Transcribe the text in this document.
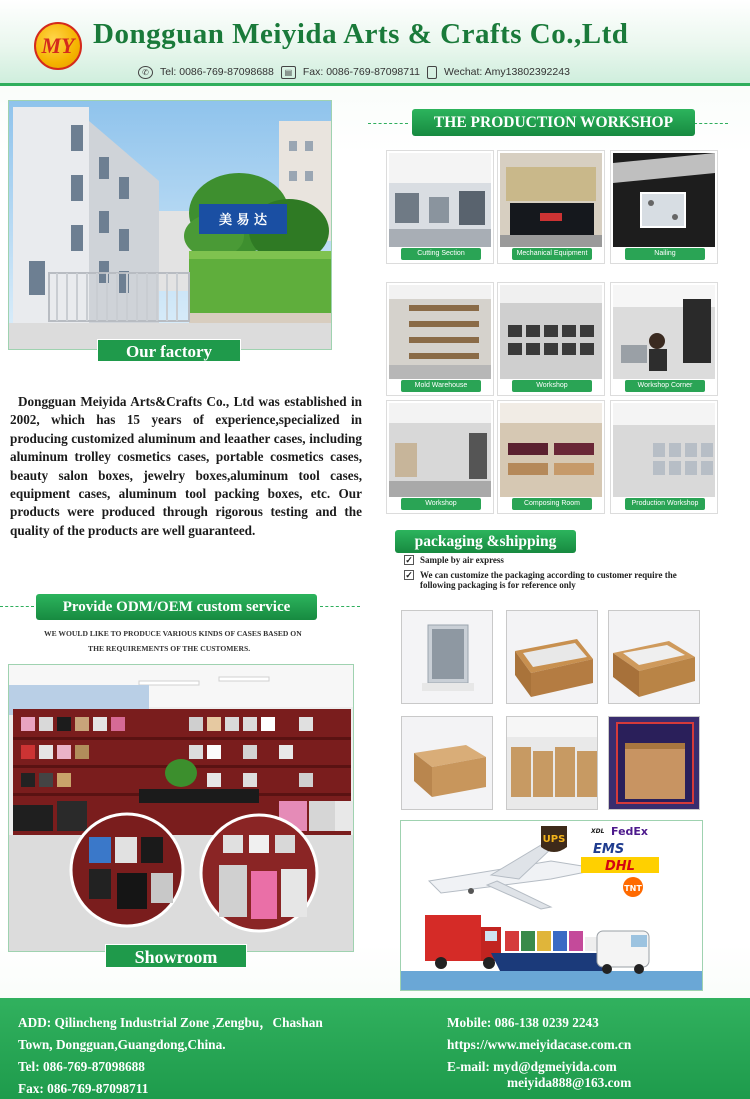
MY Dongguan Meiyida Arts & Crafts Co.,Ltd
✆	Tel: 0086-769-87098688	▤	Fax: 0086-769-87098711 Wechat: Amy13802392243
美 易 达
Our factory
Dongguan Meiyida Arts&Crafts Co., Ltd was established in 2002, which has 15 years of experience,specialized in producing customized aluminum and leaather cases, including aluminum trolley cosmetics cases, portable cosmetics cases, beauty salon boxes, jewelry boxes,aluminum tool cases, equipment cases, aluminum tool packing boxes, etc. Our products were produced through rigorous testing and the quality of the products are well guaranteed.
Provide ODM/OEM custom service
WE WOULD LIKE TO PRODUCE VARIOUS KINDS OF CASES BASED ON
THE REQUIREMENTS OF THE CUSTOMERS.
Showroom
THE PRODUCTION WORKSHOP
Cutting Section	Mechanical Equipment	Nailing
Mold Warehouse	Workshop	Workshop Corner
Workshop	Composing Room	Production Workshop
packaging &shipping
✓ Sample by air express
✓ We can customize the packaging according to customer require the following packaging is for reference only
UPS
XDL FedEx
EMS
DHL
TNT
ADD: Qilincheng Industrial Zone ,Zengbu，Chashan
Town, Dongguan,Guangdong,China.
Tel: 086-769-87098688
Fax: 086-769-87098711
Mobile: 086-138 0239 2243
https://www.meiyidacase.com.cn
E-mail: myd@dgmeiyida.com
meiyida888@163.com
